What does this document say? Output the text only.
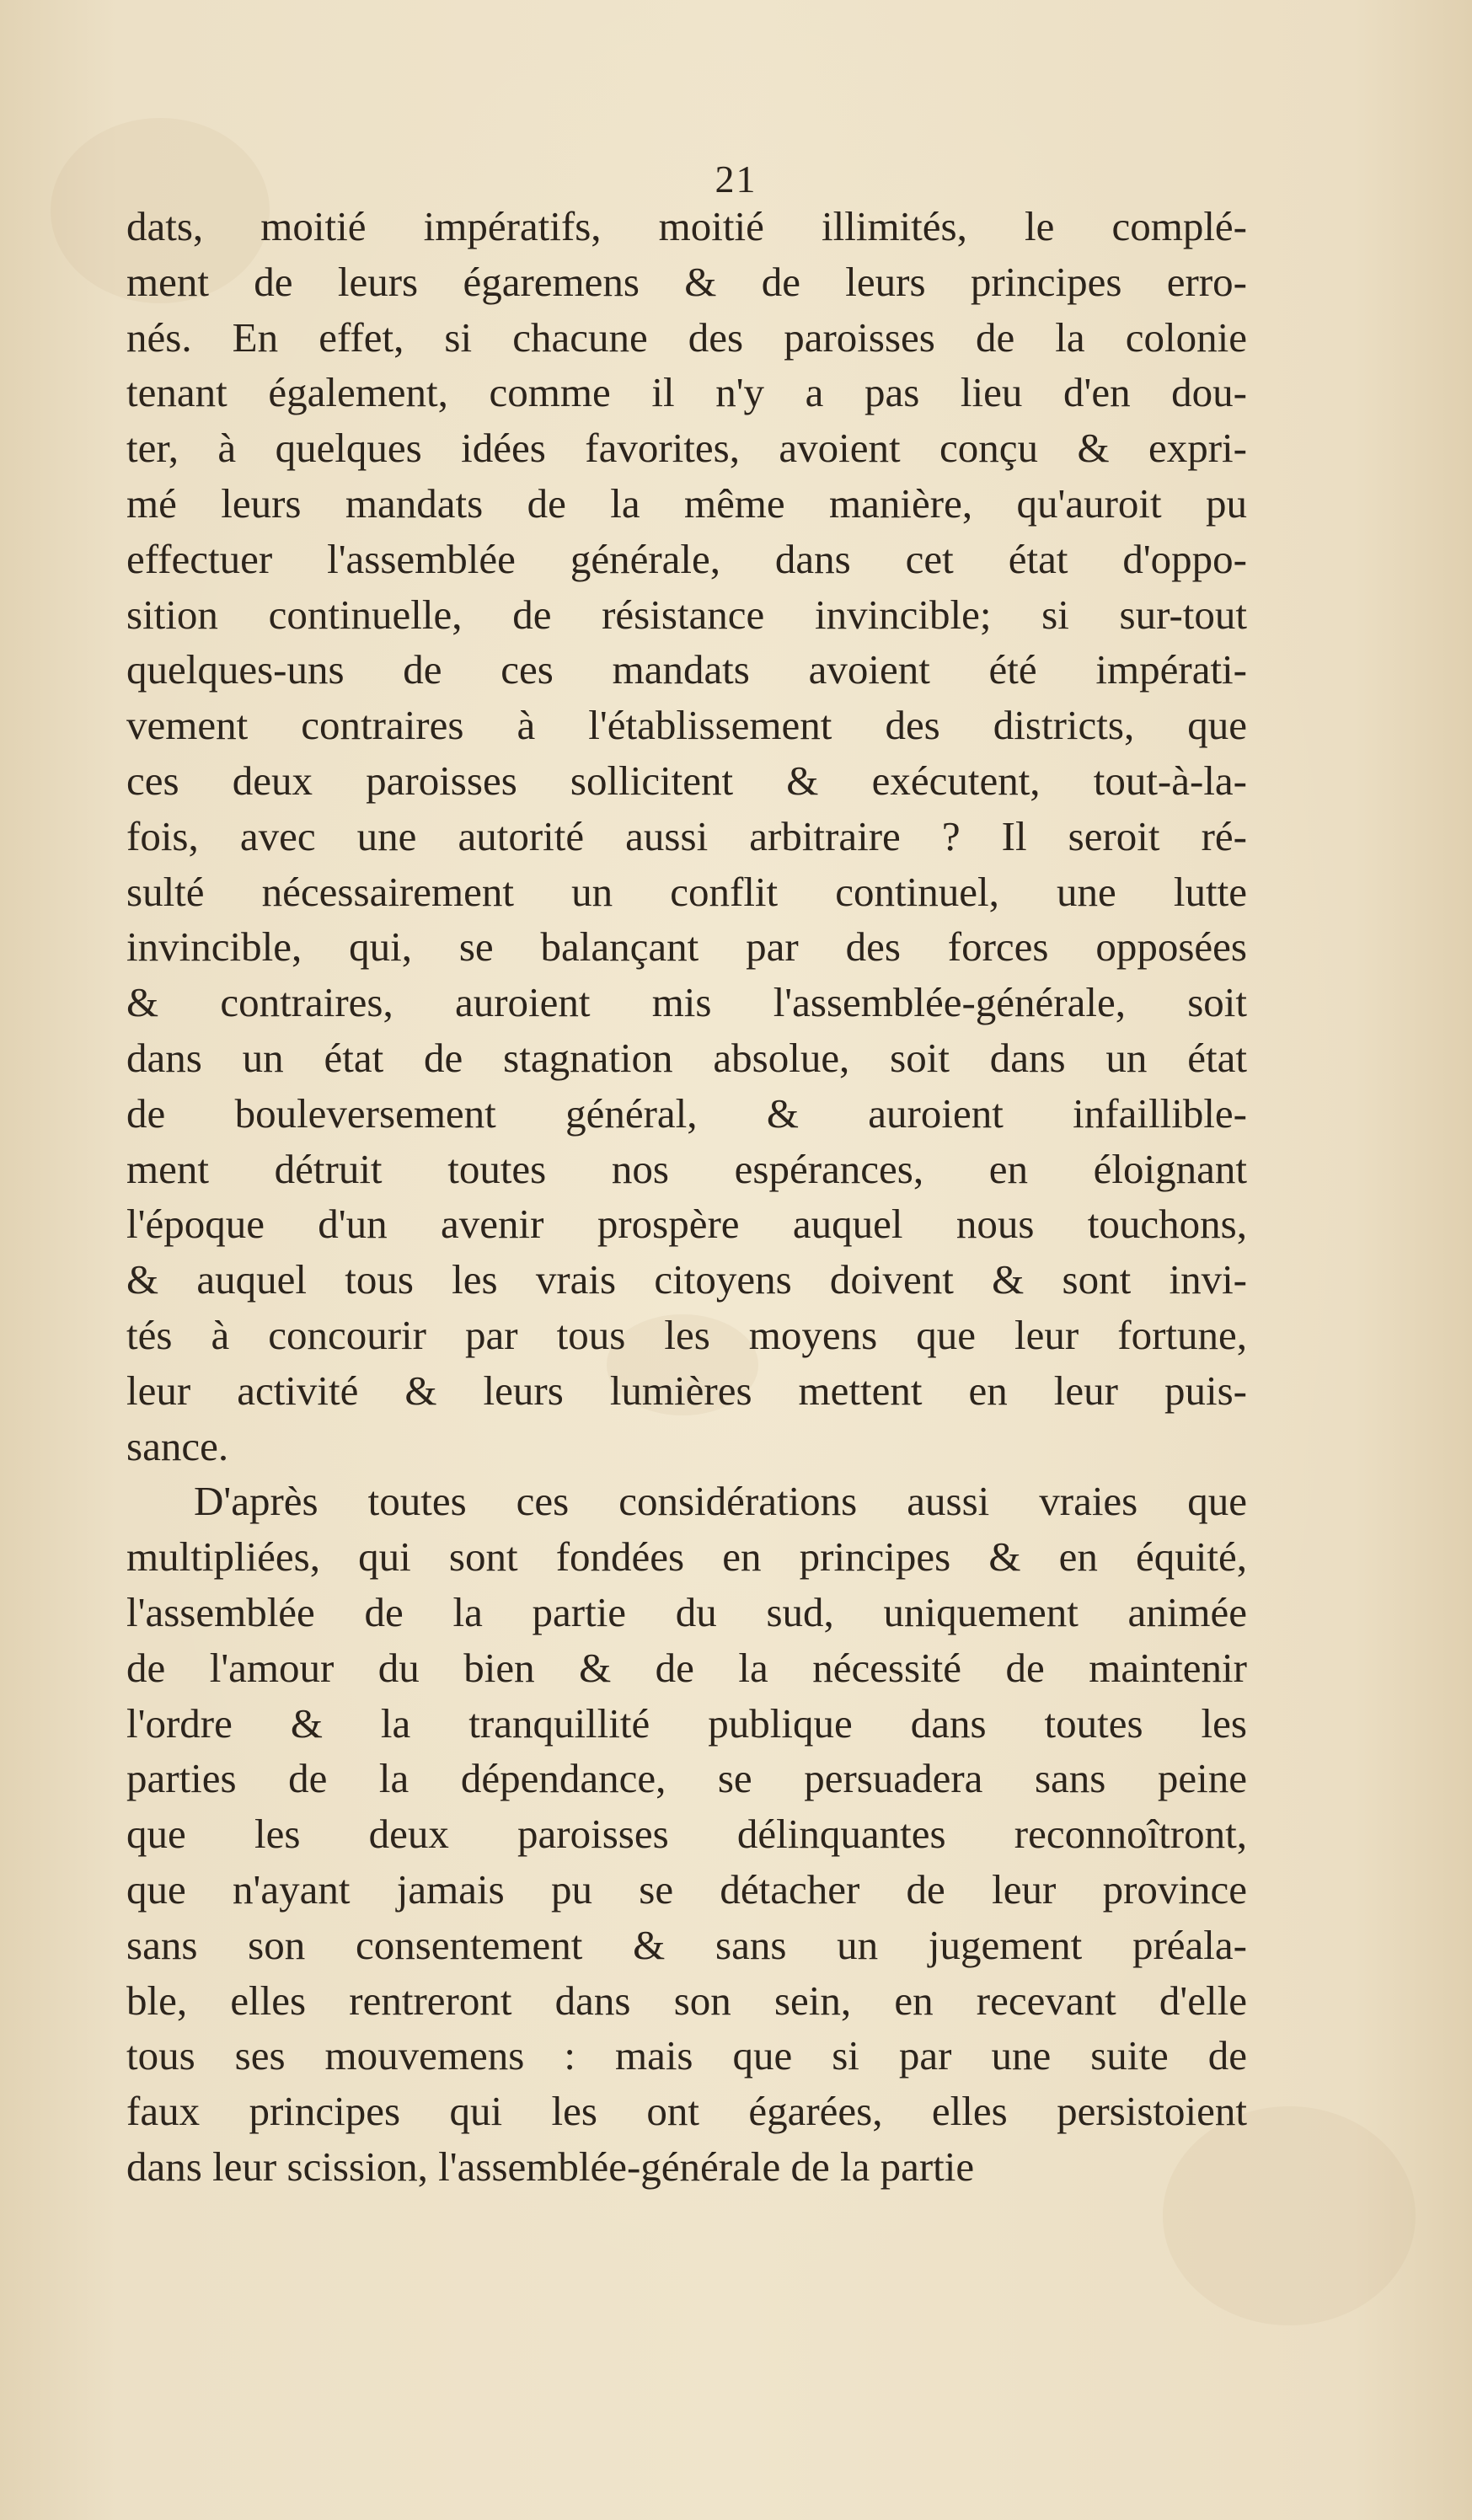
21
dats, moitié impératifs, moitié illimités, le complé-
ment de leurs égaremens & de leurs principes erro-
nés. En effet, si chacune des paroisses de la colonie
tenant également, comme il n'y a pas lieu d'en dou-
ter, à quelques idées favorites, avoient conçu & expri-
mé leurs mandats de la même manière, qu'auroit pu
effectuer l'assemblée générale, dans cet état d'oppo-
sition continuelle, de résistance invincible; si sur-tout
quelques-uns de ces mandats avoient été impérati-
vement contraires à l'établissement des districts, que
ces deux paroisses sollicitent & exécutent, tout-à-la-
fois, avec une autorité aussi arbitraire ? Il seroit ré-
sulté nécessairement un conflit continuel, une lutte
invincible, qui, se balançant par des forces opposées
& contraires, auroient mis l'assemblée-générale, soit
dans un état de stagnation absolue, soit dans un état
de bouleversement général, & auroient infailliblе-
ment détruit toutes nos espérances, en éloignant
l'époque d'un avenir prospère auquel nous touchons,
& auquel tous les vrais citoyens doivent & sont invi-
tés à concourir par tous les moyens que leur fortune,
leur activité & leurs lumières mettent en leur puis-
sance.
D'après toutes ces considérations aussi vraies que
multipliées, qui sont fondées en principes & en équité,
l'assemblée de la partie du sud, uniquement animée
de l'amour du bien & de la nécessité de maintenir
l'ordre & la tranquillité publique dans toutes les
parties de la dépendance, se persuadera sans peine
que les deux paroisses délinquantes reconnoîtront,
que n'ayant jamais pu se détacher de leur province
sans son consentement & sans un jugement préala-
ble, elles rentreront dans son sein, en recevant d'elle
tous ses mouvemens : mais que si par une suite de
faux principes qui les ont égarées, elles persistoient
dans leur scission, l'assemblée-générale de la partie
